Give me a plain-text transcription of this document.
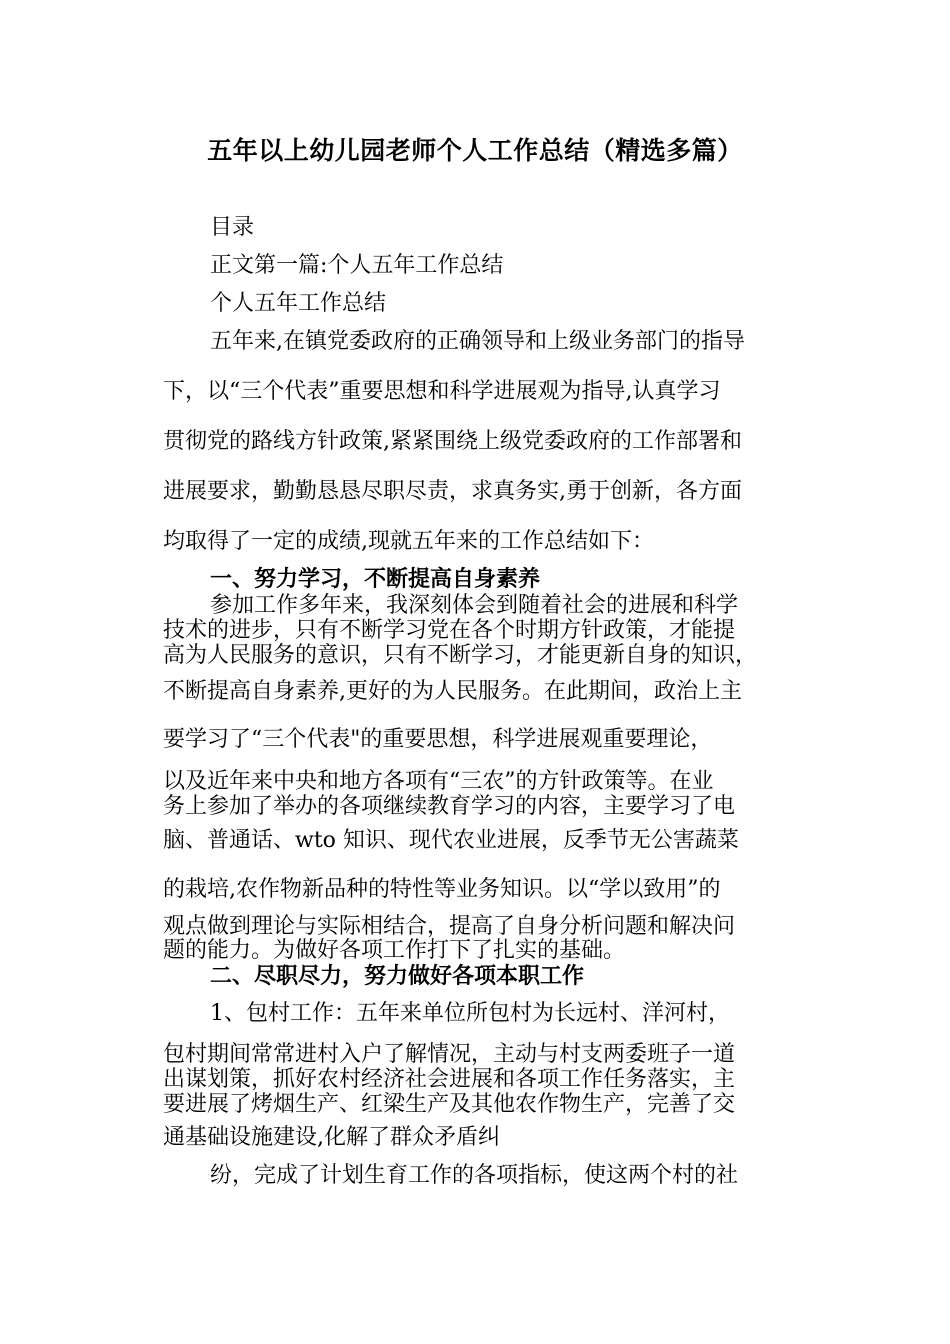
五年以上幼儿园老师个人工作总结（精选多篇）
目录
正文第一篇:个人五年工作总结
个人五年工作总结
五年来,在镇党委政府的正确领导和上级业务部门的指导
下，以“三个代表”重要思想和科学进展观为指导,认真学习
贯彻党的路线方针政策,紧紧围绕上级党委政府的工作部署和
进展要求，勤勤恳恳尽职尽责，求真务实,勇于创新，各方面
均取得了一定的成绩,现就五年来的工作总结如下：
一、努力学习，不断提高自身素养
参加工作多年来，我深刻体会到随着社会的进展和科学
技术的进步，只有不断学习党在各个时期方针政策，才能提
高为人民服务的意识，只有不断学习，才能更新自身的知识，
不断提高自身素养,更好的为人民服务。在此期间，政治上主
要学习了“三个代表"的重要思想，科学进展观重要理论，
以及近年来中央和地方各项有“三农”的方针政策等。在业
务上参加了举办的各项继续教育学习的内容，主要学习了电
脑、普通话、wto 知识、现代农业进展，反季节无公害蔬菜
的栽培,农作物新品种的特性等业务知识。以“学以致用”的
观点做到理论与实际相结合，提高了自身分析问题和解决问
题的能力。为做好各项工作打下了扎实的基础。
二、尽职尽力，努力做好各项本职工作
1、包村工作：五年来单位所包村为长远村、洋河村，
包村期间常常进村入户了解情况，主动与村支两委班子一道
出谋划策，抓好农村经济社会进展和各项工作任务落实，主
要进展了烤烟生产、红梁生产及其他农作物生产，完善了交
通基础设施建设,化解了群众矛盾纠
纷，完成了计划生育工作的各项指标，使这两个村的社
